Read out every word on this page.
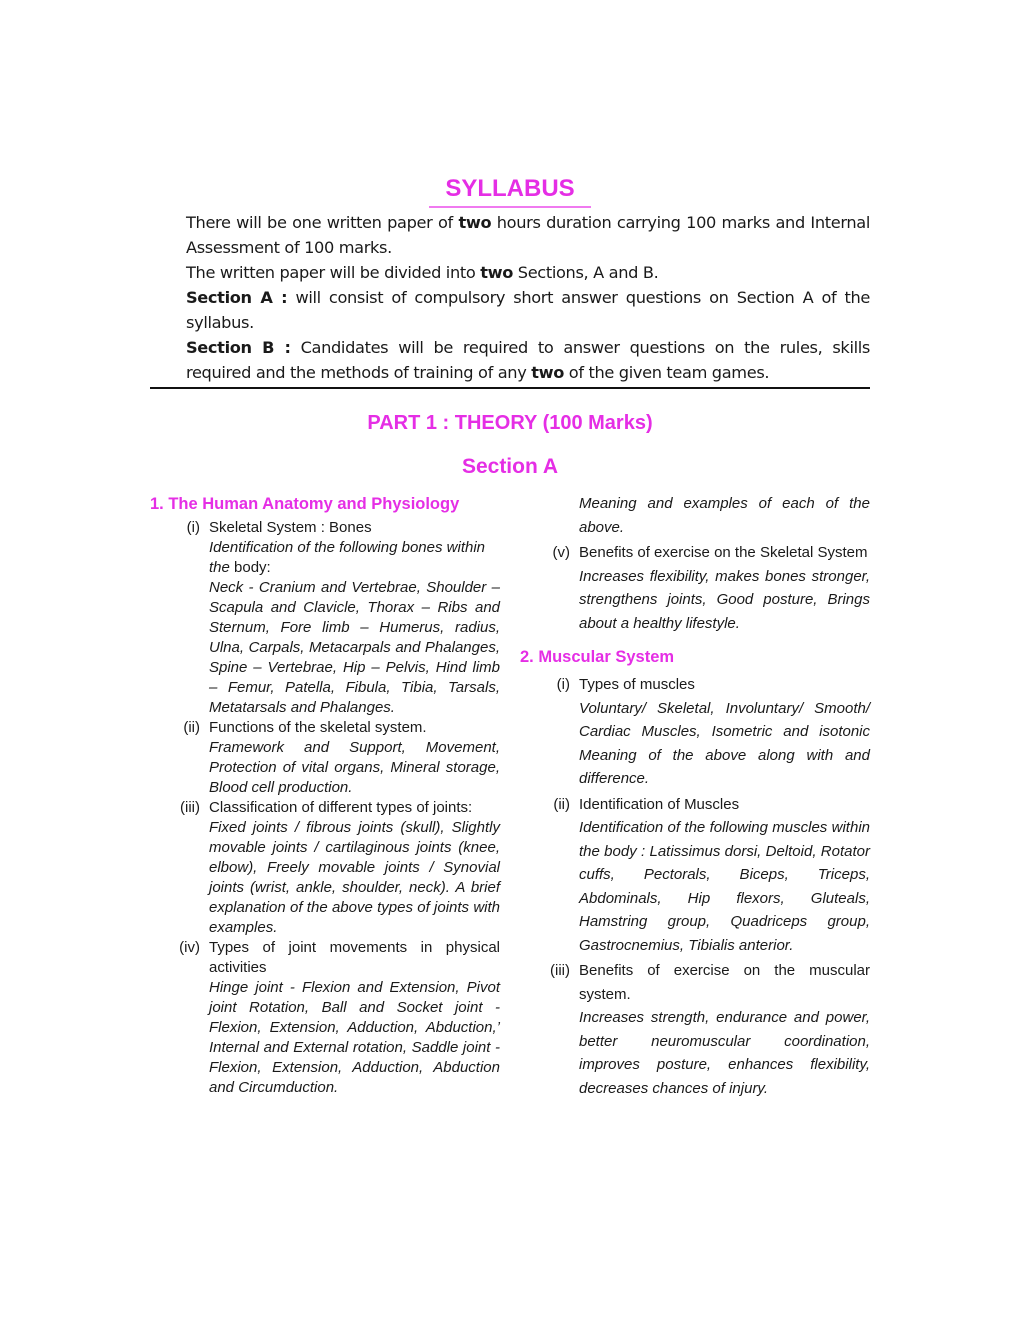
SYLLABUS

There will be one written paper of two hours duration carrying 100 marks and Internal Assessment of 100 marks.

The written paper will be divided into two Sections, A and B.

Section A : will consist of compulsory short answer questions on Section A of the syllabus.

Section B : Candidates will be required to answer questions on the rules, skills required and the methods of training of any two of the given team games.

PART 1 : THEORY (100 Marks)
Section A

1. The Human Anatomy and Physiology

(i) Skeletal System : Bones

Identification of the following bones within the body:

Neck - Cranium and Vertebrae, Shoulder – Scapula and Clavicle, Thorax – Ribs and Sternum, Fore limb – Humerus, radius, Ulna, Carpals, Metacarpals and Phalanges, Spine – Vertebrae, Hip – Pelvis, Hind limb – Femur, Patella, Fibula, Tibia, Tarsals, Metatarsals and Phalanges.

(ii) Functions of the skeletal system.

Framework and Support, Movement, Protection of vital organs, Mineral storage, Blood cell production.

(iii) Classification of different types of joints:

Fixed joints / fibrous joints (skull), Slightly movable joints / cartilaginous joints (knee, elbow), Freely movable joints / Synovial joints (wrist, ankle, shoulder, neck). A brief explanation of the above types of joints with examples.

(iv) Types of joint movements in physical activities

Hinge joint - Flexion and Extension, Pivot joint Rotation, Ball and Socket joint - Flexion, Extension, Adduction, Abduction,’ Internal and External rotation, Saddle joint - Flexion, Extension, Adduction, Abduction and Circumduction.

Meaning and examples of each of the above.

(v) Benefits of exercise on the Skeletal System

Increases flexibility, makes bones stronger, strengthens joints, Good posture, Brings about a healthy lifestyle.

2. Muscular System

(i) Types of muscles

Voluntary/ Skeletal, Involuntary/ Smooth/ Cardiac Muscles, Isometric and isotonic Meaning of the above along with and difference.

(ii) Identification of Muscles

Identification of the following muscles within the body : Latissimus dorsi, Deltoid, Rotator cuffs, Pectorals, Biceps, Triceps, Abdominals, Hip flexors, Gluteals, Hamstring group, Quadriceps group, Gastrocnemius, Tibialis anterior.

(iii) Benefits of exercise on the muscular system.

Increases strength, endurance and power, better neuromuscular coordination, improves posture, enhances flexibility, decreases chances of injury.
